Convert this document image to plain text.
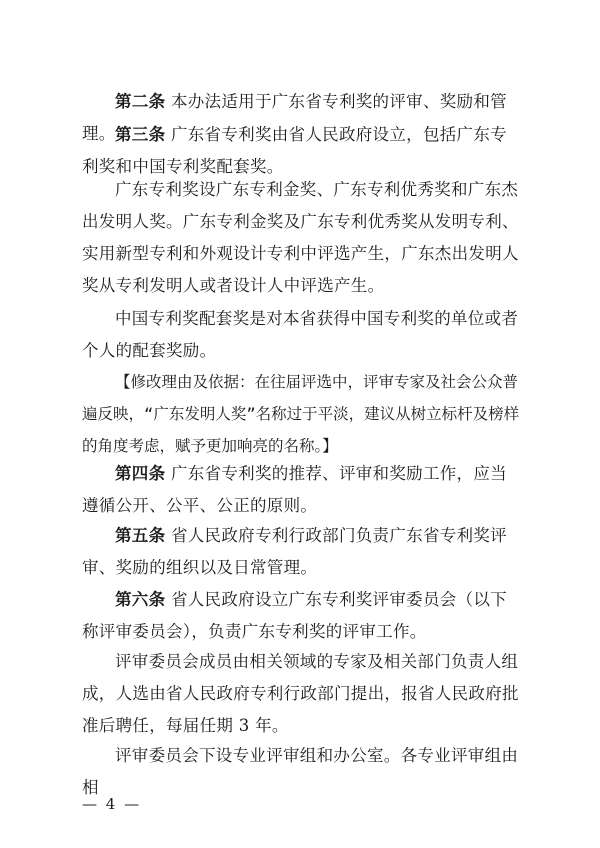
第二条 本办法适用于广东省专利奖的评审、奖励和管理。 第三条 广东省专利奖由省人民政府设立，包括广东专利奖和中国专利奖配套奖。

广东专利奖设广东专利金奖、广东专利优秀奖和广东杰出发明人奖。广东专利金奖及广东专利优秀奖从发明专利、实用新型专利和外观设计专利中评选产生，广东杰出发明人奖从专利发明人或者设计人中评选产生。

中国专利奖配套奖是对本省获得中国专利奖的单位或者个人的配套奖励。

【修改理由及依据：在往届评选中，评审专家及社会公众普遍反映，“广东发明人奖”名称过于平淡，建议从树立标杆及榜样的角度考虑，赋予更加响亮的名称。】

第四条 广东省专利奖的推荐、评审和奖励工作，应当遵循公开、公平、公正的原则。

第五条 省人民政府专利行政部门负责广东省专利奖评审、奖励的组织以及日常管理。

第六条 省人民政府设立广东专利奖评审委员会（以下称评审委员会），负责广东专利奖的评审工作。

评审委员会成员由相关领域的专家及相关部门负责人组成，人选由省人民政府专利行政部门提出，报省人民政府批准后聘任，每届任期 3 年。

评审委员会下设专业评审组和办公室。各专业评审组由相

— 4 —
